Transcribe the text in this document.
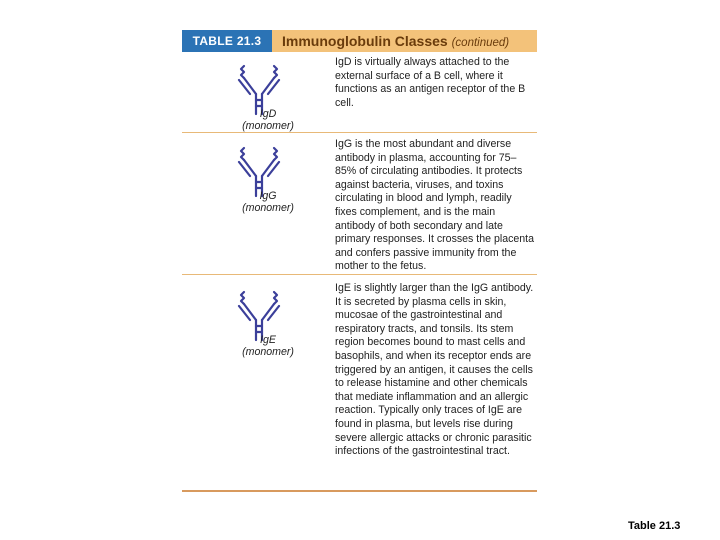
TABLE 21.3	Immunoglobulin Classes (continued)
IgD
(monomer)
IgD is virtually always attached to the external surface of a B cell, where it functions as an antigen receptor of the B cell.
IgG
(monomer)
IgG is the most abundant and diverse antibody in plasma, accounting for 75–85% of circulating antibodies. It protects against bacteria, viruses, and toxins circulating in blood and lymph, readily fixes complement, and is the main antibody of both secondary and late primary responses. It crosses the placenta and confers passive immunity from the mother to the fetus.
IgE
(monomer)
IgE is slightly larger than the IgG antibody. It is secreted by plasma cells in skin, mucosae of the gastrointestinal and respiratory tracts, and tonsils. Its stem region becomes bound to mast cells and basophils, and when its receptor ends are triggered by an antigen, it causes the cells to release histamine and other chemicals that mediate inflammation and an allergic reaction. Typically only traces of IgE are found in plasma, but levels rise during severe allergic attacks or chronic parasitic infections of the gastrointestinal tract.
Table 21.3
